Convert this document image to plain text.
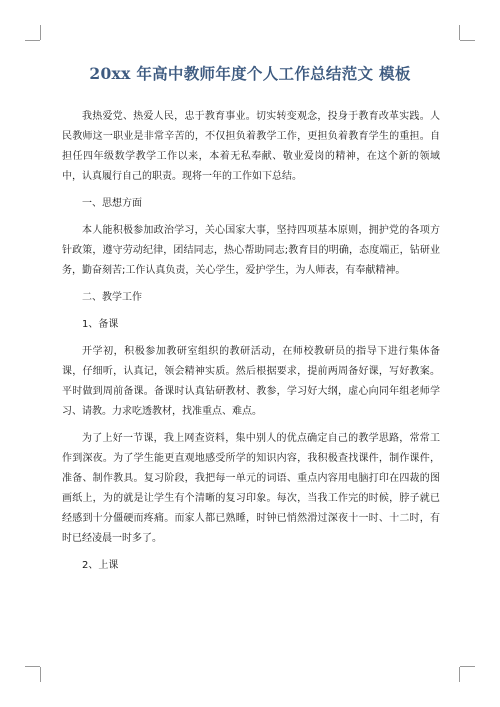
20xx 年高中教师年度个人工作总结范文 模板

我热爱党、热爱人民，忠于教育事业。切实转变观念，投身于教育改革实践。人民教师这一职业是非常辛苦的，不仅担负着教学工作，更担负着教育学生的重担。自担任四年级数学教学工作以来，本着无私奉献、敬业爱岗的精神，在这个新的领域中，认真履行自己的职责。现将一年的工作如下总结。

一、思想方面

本人能积极参加政治学习，关心国家大事，坚持四项基本原则，拥护党的各项方针政策，遵守劳动纪律，团结同志，热心帮助同志;教育目的明确，态度端正，钻研业务，勤奋刻苦;工作认真负责，关心学生，爱护学生，为人师表，有奉献精神。

二、教学工作

1、备课

开学初，积极参加教研室组织的教研活动，在师校教研员的指导下进行集体备课，仔细听，认真记，领会精神实质。然后根据要求，提前两周备好课，写好教案。平时做到周前备课。备课时认真钻研教材、教参，学习好大纲，虚心向同年组老师学习、请教。力求吃透教材，找准重点、难点。

为了上好一节课，我上网查资料，集中别人的优点确定自己的教学思路，常常工作到深夜。为了学生能更直观地感受所学的知识内容，我积极查找课件，制作课件，准备、制作教具。复习阶段，我把每一单元的词语、重点内容用电脑打印在四裁的图画纸上，为的就是让学生有个清晰的复习印象。每次，当我工作完的时候，脖子就已经感到十分僵硬而疼痛。而家人都已熟睡，时钟已悄然滑过深夜十一时、十二时，有时已经凌晨一时多了。

2、上课
